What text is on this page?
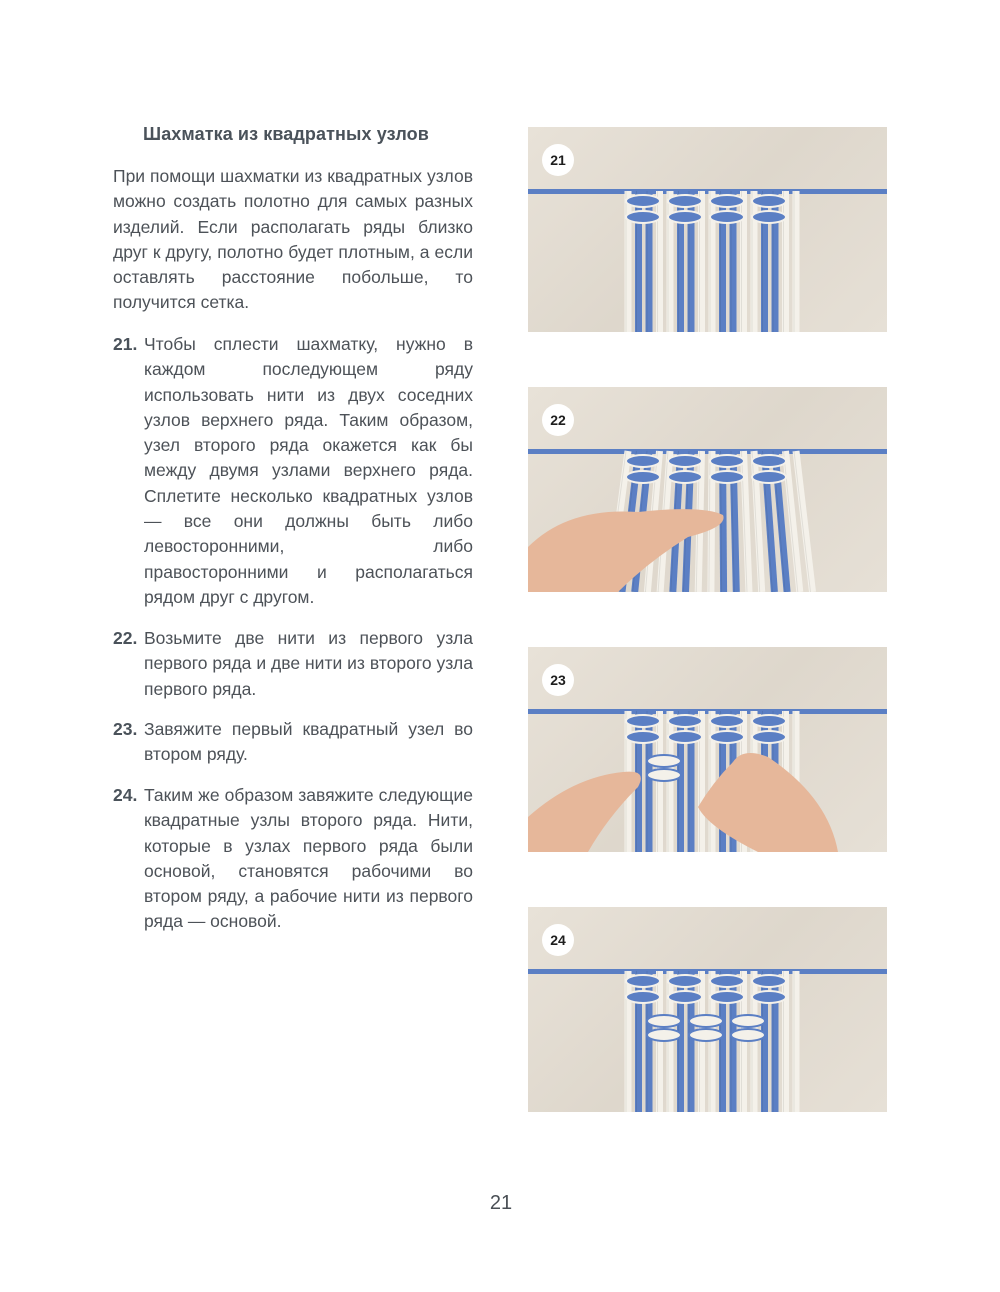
Шахматка из квадратных узлов
При помощи шахматки из квадратных узлов можно создать полотно для самых разных изделий. Если располагать ряды близко друг к другу, полотно будет плотным, а если оставлять расстояние побольше, то получится сетка.
21. Чтобы сплести шахматку, нужно в каждом последующем ряду использовать нити из двух соседних узлов верхнего ряда. Таким образом, узел второго ряда окажется как бы между двумя узлами верхнего ряда. Сплетите несколько квадратных узлов — все они должны быть либо левосторонними, либо правосторонними и располагаться рядом друг с другом.
22. Возьмите две нити из первого узла первого ряда и две нити из второго узла первого ряда.
23. Завяжите первый квадратный узел во втором ряду.
24. Таким же образом завяжите следующие квадратные узлы второго ряда. Нити, которые в узлах первого ряда были основой, становятся рабочими во втором ряду, а рабочие нити из первого ряда — основой.
21
22
23
24
21
